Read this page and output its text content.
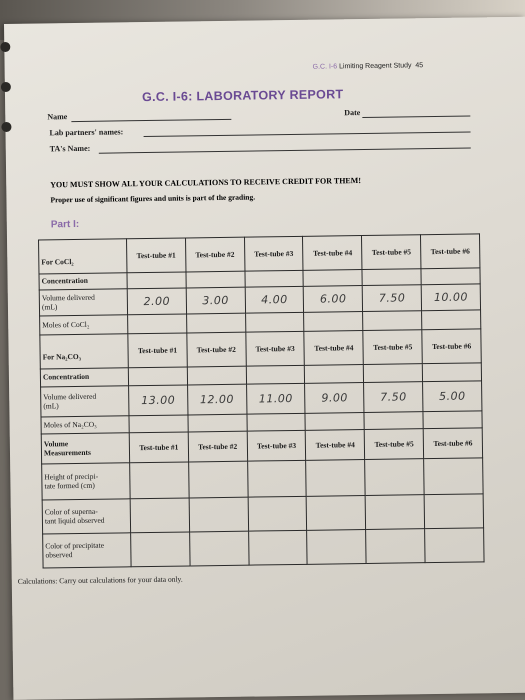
G.C. I-6 Limiting Reagent Study 45
G.C. I-6: LABORATORY REPORT
Name	Date
Lab partners' names:
TA's Name:
YOU MUST SHOW ALL YOUR CALCULATIONS TO RECEIVE CREDIT FOR THEM!
Proper use of significant figures and units is part of the grading.
Part I:
For CoCl₂	Test-tube #1	Test-tube #2	Test-tube #3	Test-tube #4	Test-tube #5	Test-tube #6
Concentration						
Volume delivered
(mL)	2.00	3.00	4.00	6.00	7.50	10.00
Moles of CoCl₂						
For Na₂CO₃	Test-tube #1	Test-tube #2	Test-tube #3	Test-tube #4	Test-tube #5	Test-tube #6
Concentration						
Volume delivered
(mL)	13.00	12.00	11.00	9.00	7.50	5.00
Moles of Na₂CO₃						
Volume
Measurements	Test-tube #1	Test-tube #2	Test-tube #3	Test-tube #4	Test-tube #5	Test-tube #6
Height of precipi-
tate formed (cm)						
Color of superna-
tant liquid observed						
Color of precipitate
observed						
Calculations: Carry out calculations for your data only.
